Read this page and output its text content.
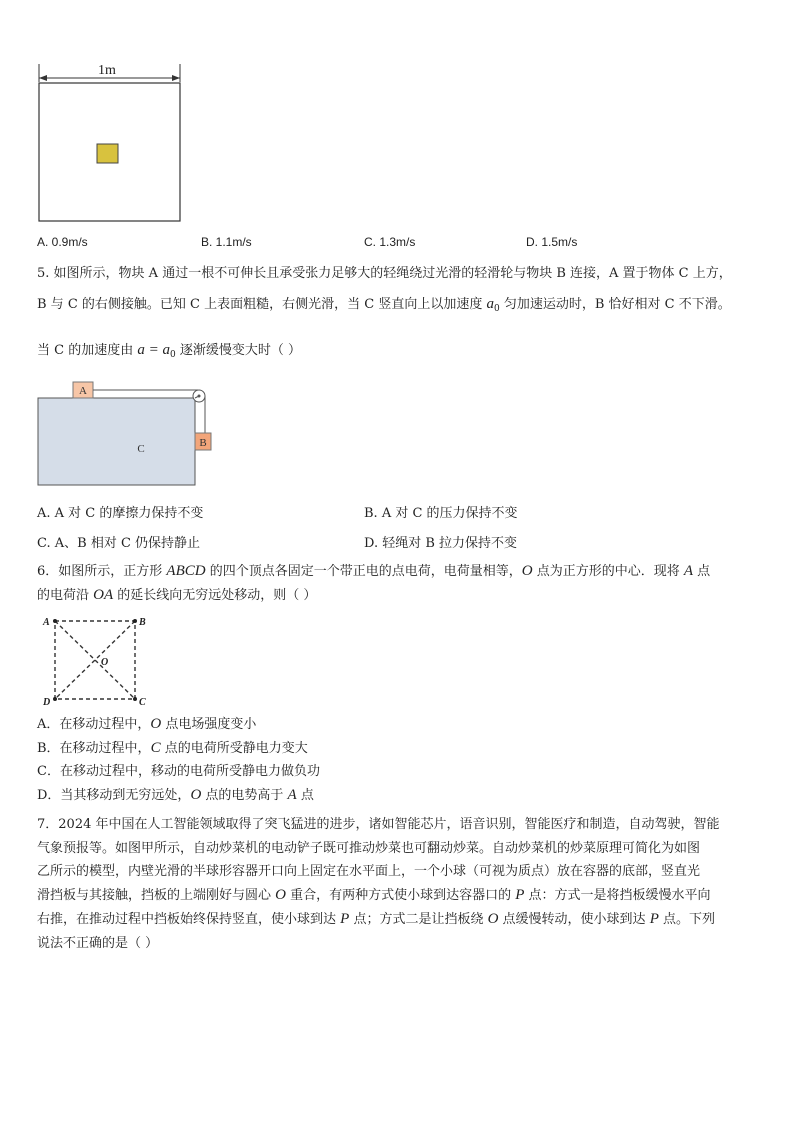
1m
A. 0.9m/s	B. 1.1m/s	C. 1.3m/s	D. 1.5m/s
5. 如图所示，物块 A 通过一根不可伸长且承受张力足够大的轻绳绕过光滑的轻滑轮与物块 B 连接，A 置于物体 C 上方，
B 与 C 的右侧接触。已知 C 上表面粗糙，右侧光滑，当 C 竖直向上以加速度 $a_0$ 匀加速运动时，B 恰好相对 C 不下滑。
当 C 的加速度由 $a = a_0$ 逐渐缓慢变大时（ ）
C
A
B
A. A 对 C 的摩擦力保持不变	B. A 对 C 的压力保持不变
C. A、B 相对 C 仍保持静止	D. 轻绳对 B 拉力保持不变
6．如图所示，正方形 ABCD 的四个顶点各固定一个带正电的点电荷，电荷量相等，O 点为正方形的中心．现将 A 点
的电荷沿 OA 的延长线向无穷远处移动，则（ ）
A	B
C
D
O
A．在移动过程中，O 点电场强度变小
B．在移动过程中，C 点的电荷所受静电力变大
C．在移动过程中，移动的电荷所受静电力做负功
D．当其移动到无穷远处，O 点的电势高于 A 点
7．2024 年中国在人工智能领域取得了突飞猛进的进步，诸如智能芯片，语音识别，智能医疗和制造，自动驾驶，智能
气象预报等。如图甲所示，自动炒菜机的电动铲子既可推动炒菜也可翻动炒菜。自动炒菜机的炒菜原理可简化为如图
乙所示的模型，内壁光滑的半球形容器开口向上固定在水平面上，一个小球（可视为质点）放在容器的底部，竖直光
滑挡板与其接触，挡板的上端刚好与圆心 O 重合，有两种方式使小球到达容器口的 P 点：方式一是将挡板缓慢水平向
右推，在推动过程中挡板始终保持竖直，使小球到达 P 点；方式二是让挡板绕 O 点缓慢转动，使小球到达 P 点。下列
说法不正确的是（ ）
